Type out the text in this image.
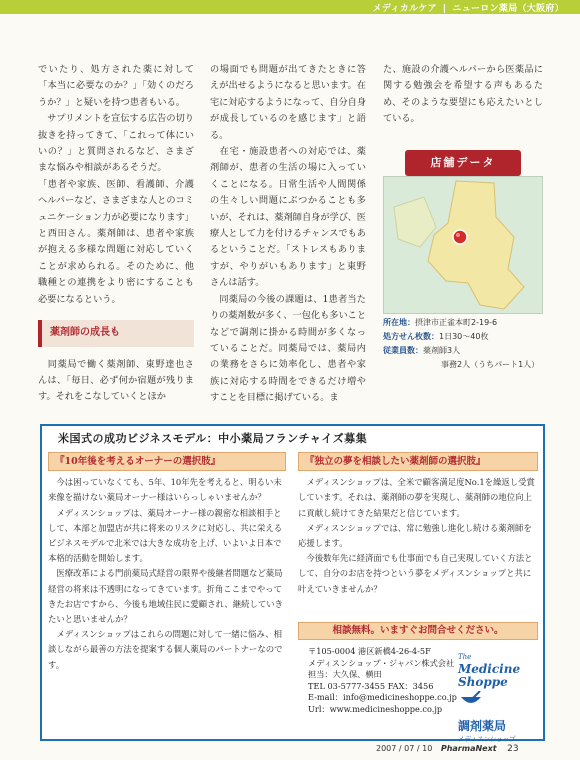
メディカルケア | ニューロン薬局（大阪府）

でいたり、処方された薬に対して「本当に必要なのか？」「効くのだろうか？」と疑いを持つ患者もいる。

　サプリメントを宣伝する広告の切り抜きを持ってきて、「これって体にいいの？」と質問されるなど、さまざまな悩みや相談があるそうだ。

「患者や家族、医師、看護師、介護ヘルパーなど、さまざまな人とのコミュニケーション力が必要になります」と西田さん。薬剤師は、患者や家族が抱える多様な問題に対応していくことが求められる。そのために、他職種との連携をより密にすることも必要になるという。

薬剤師の成長も

　同薬局で働く薬剤師、東野達也さんは、「毎日、必ず何か宿題が残ります。それをこなしていくとほか

の場面でも問題が出てきたときに答えが出せるようになると思います。在宅に対応するようになって、自分自身が成長しているのを感じます」と語る。

　在宅・施設患者への対応では、薬剤師が、患者の生活の場に入っていくことになる。日常生活や人間関係の生々しい問題にぶつかることも多いが、それは、薬剤師自身が学び、医療人として力を付けるチャンスでもあるということだ。「ストレスもありますが、やりがいもあります」と東野さんは話す。

　同薬局の今後の課題は、1患者当たりの薬剤数が多く、一包化も多いことなどで調剤に掛かる時間が多くなっていることだ。同薬局では、薬局内の業務をさらに効率化し、患者や家族に対応する時間をできるだけ増やすことを目標に掲げている。ま

た、施設の介護ヘルパーから医薬品に関する勉強会を希望する声もあるため、そのような要望にも応えたいとしている。

店舗データ
所在地：摂津市正雀本町2-19-6
処方せん枚数：1日30〜40枚
従業員数：薬剤師3人
事務2人（うちパート1人）
米国式の成功ビジネスモデル：中小薬局フランチャイズ募集
『10年後を考えるオーナーの選択肢』

今は困っていなくても、5年、10年先を考えると、明るい未来像を描けない薬局オーナー様はいらっしゃいませんか？

メディスンショップは、薬局オーナー様の親密な相談相手として、本部と加盟店が共に将来のリスクに対応し、共に栄えるビジネスモデルで北米では大きな成功を上げ、いよいよ日本で本格的活動を開始します。

医療改革による門前薬局式経営の限界や後継者問題など薬局経営の将来は不透明になってきています。折角ここまでやってきたお店ですから、今後も地域住民に愛顧され、継続していきたいと思いませんか？

メディスンショップはこれらの問題に対して一緒に悩み、相談しながら最善の方法を提案する個人薬局のパートナーなのです。

『独立の夢を相談したい薬剤師の選択肢』

メディスンショップは、全米で顧客満足度No.1を繰返し受賞しています。それは、薬剤師の夢を実現し、薬剤師の地位向上に貢献し続けてきた結果だと信じています。

メディスンショップでは、常に勉強し進化し続ける薬剤師を応援します。

今後数年先に経済面でも仕事面でも自己実現していく方法として、自分のお店を持つという夢をメディスンショップと共に叶えていきませんか？

相談無料。いますぐお問合せください。
〒105-0004 港区新橋4-26-4-5F
メディスンショップ・ジャパン株式会社
担当：大久保、横田
TEL 03-5777-3455 FAX：3456
E-mail：info@medicineshoppe.co.jp
Url：www.medicineshoppe.co.jp
The
Medicine Shoppe
調剤薬局
メディスンショップ
2007 / 07 / 10 PharmaNext 23
